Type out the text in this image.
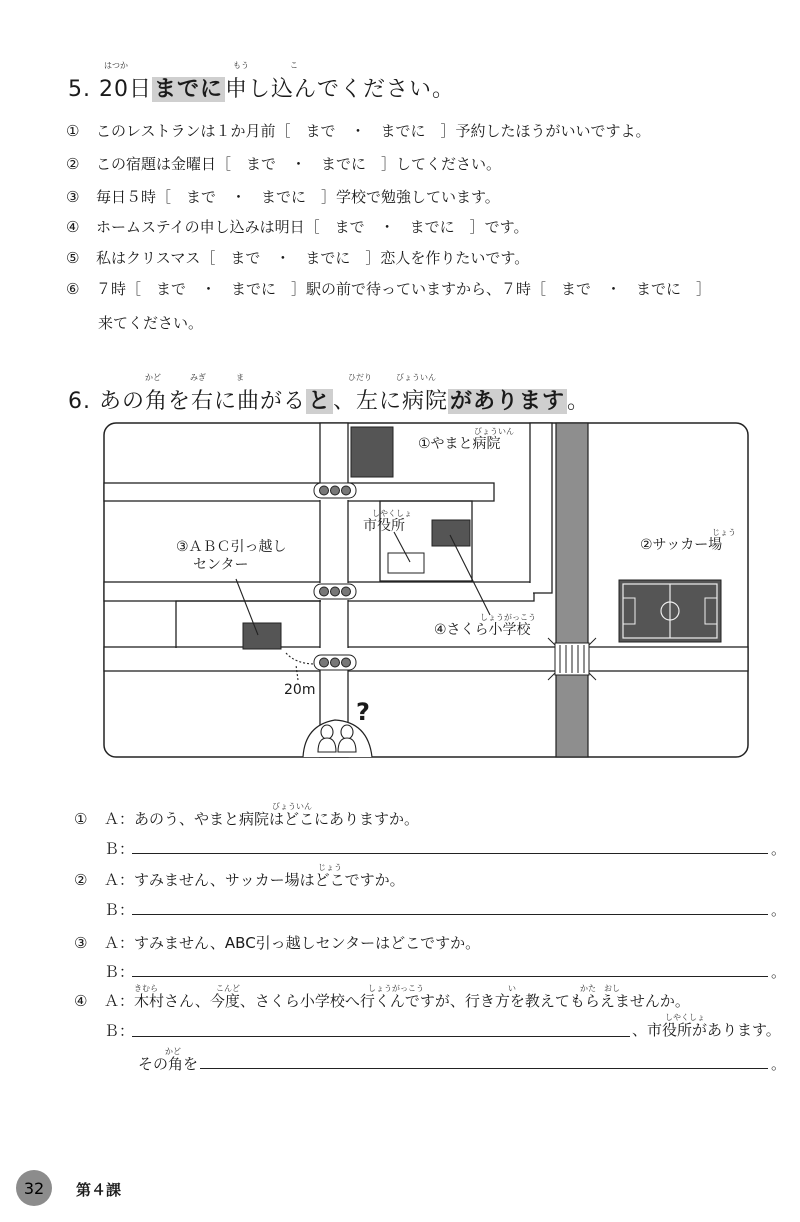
はつか	もう	こ
5. 20日までに申し込んでください。
① このレストランは１か月前［　まで　・　までに　］予約したほうがいいですよ。
② この宿題は金曜日［　まで　・　までに　］してください。
③ 毎日５時［　まで　・　までに　］学校で勉強しています。
④ ホームステイの申し込みは明日［　まで　・　までに　］です。
⑤ 私はクリスマス［　まで　・　までに　］恋人を作りたいです。
⑥ ７時［　まで　・　までに　］駅の前で待っていますから、７時［　まで　・　までに　］
来てください。
かど	みぎ	ま	ひだり	びょういん
6. あの角を右に曲がると、左に病院があります。
びょういん
①やまと病院
じょう
②サッカー場
しやくしょ
市役所
③ＡＢＣ引っ越し
センター
しょうがっこう
④さくら小学校
20m
?
びょういん
① Ａ：あのう、やまと病院はどこにありますか。
Ｂ：	。
じょう
② Ａ：すみません、サッカー場はどこですか。
Ｂ：	。
③ Ａ：すみません、ABC引っ越しセンターはどこですか。
Ｂ：	。
きむら	こんど	しょうがっこう	い	かた　おし
④ Ａ：木村さん、今度、さくら小学校へ行くんですが、行き方を教えてもらえませんか。
Ｂ：
しやくしょ
、市役所があります。
かど
その角を	。
32	第４課
